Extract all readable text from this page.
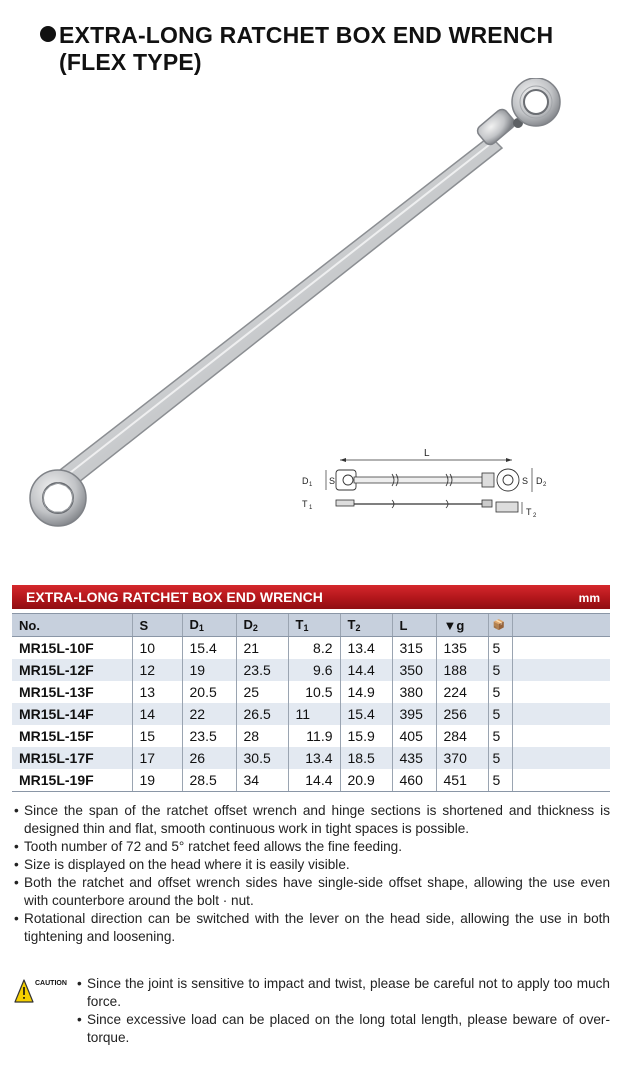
EXTRA-LONG RATCHET BOX END WRENCH
(FLEX TYPE)
L
D 1 S	S D 2
T 1	T 2
EXTRA-LONG RATCHET BOX END WRENCH	mm
No.	S	$D_1$	$D_2$	$T_1$	$T_2$	L	▼g	📦	
MR15L-10F	10	15.4	21	8.2	13.4	315	135	5	
MR15L-12F	12	19	23.5	9.6	14.4	350	188	5	
MR15L-13F	13	20.5	25	10.5	14.9	380	224	5	
MR15L-14F	14	22	26.5	11	15.4	395	256	5	
MR15L-15F	15	23.5	28	11.9	15.9	405	284	5	
MR15L-17F	17	26	30.5	13.4	18.5	435	370	5	
MR15L-19F	19	28.5	34	14.4	20.9	460	451	5	
• Since the span of the ratchet offset wrench and hinge sections is shortened and thickness is designed thin and flat, smooth continuous work in tight spaces is possible.
• Tooth number of 72 and 5° ratchet feed allows the fine feeding.
• Size is displayed on the head where it is easily visible.
• Both the ratchet and offset wrench sides have single-side offset shape, allowing the use even with counterbore around the bolt · nut.
• Rotational direction can be switched with the lever on the head side, allowing the use in both tightening and loosening.
CAUTION	• Since the joint is sensitive to impact and twist, please be careful not to apply too much force.
• Since excessive load can be placed on the long total length, please beware of over-torque.
